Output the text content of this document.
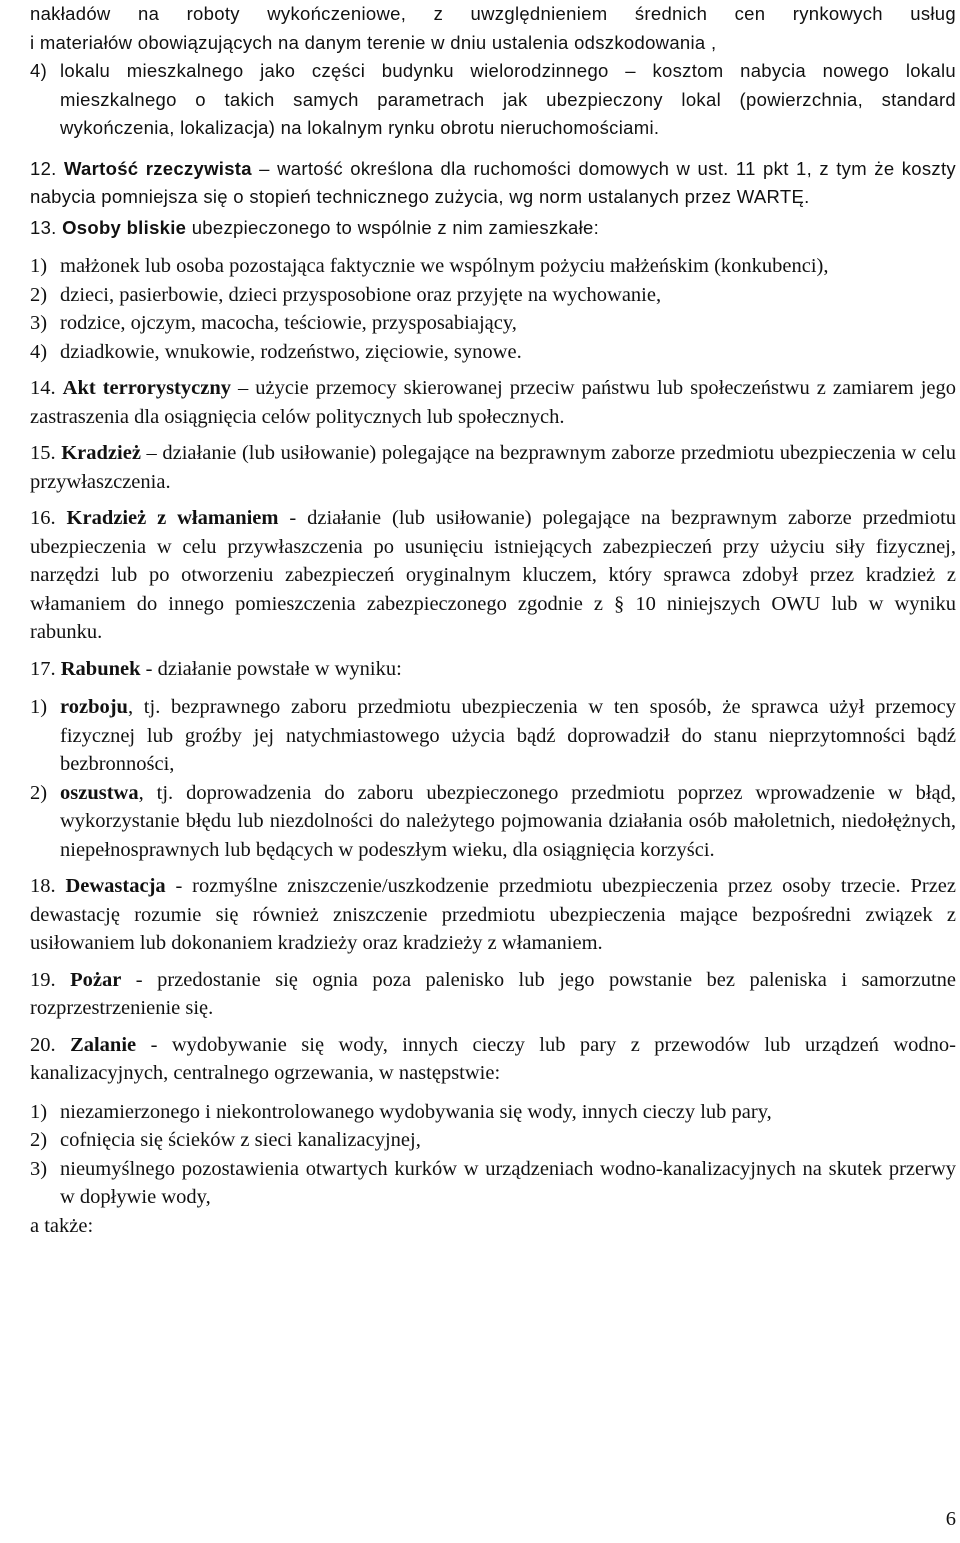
nakładów na roboty wykończeniowe, z uwzględnieniem średnich cen rynkowych usług

i materiałów obowiązujących na danym terenie w dniu ustalenia odszkodowania ,

4) lokalu mieszkalnego jako części budynku wielorodzinnego – kosztom nabycia nowego lokalu mieszkalnego o takich samych parametrach jak ubezpieczony lokal (powierzchnia, standard wykończenia, lokalizacja) na lokalnym rynku obrotu nieruchomościami.

12. Wartość rzeczywista – wartość określona dla ruchomości domowych w ust. 11 pkt 1, z tym że koszty nabycia pomniejsza się o stopień technicznego zużycia, wg norm ustalanych przez WARTĘ.

13. Osoby bliskie ubezpieczonego to wspólnie z nim zamieszkałe:

1) małżonek lub osoba pozostająca faktycznie we wspólnym pożyciu małżeńskim (konkubenci),
2) dzieci, pasierbowie, dzieci przysposobione oraz przyjęte na wychowanie,
3) rodzice, ojczym, macocha, teściowie, przysposabiający,
4) dziadkowie, wnukowie, rodzeństwo, zięciowie, synowe.

14. Akt terrorystyczny – użycie przemocy skierowanej przeciw państwu lub społeczeństwu z zamiarem jego zastraszenia dla osiągnięcia celów politycznych lub społecznych.

15. Kradzież – działanie (lub usiłowanie) polegające na bezprawnym zaborze przedmiotu ubezpieczenia w celu przywłaszczenia.

16. Kradzież z włamaniem - działanie (lub usiłowanie) polegające na bezprawnym zaborze przedmiotu ubezpieczenia w celu przywłaszczenia po usunięciu istniejących zabezpieczeń przy użyciu siły fizycznej, narzędzi lub po otworzeniu zabezpieczeń oryginalnym kluczem, który sprawca zdobył przez kradzież z włamaniem do innego pomieszczenia zabezpieczonego zgodnie z § 10 niniejszych OWU lub w wyniku rabunku.

17. Rabunek - działanie powstałe w wyniku:

1) rozboju, tj. bezprawnego zaboru przedmiotu ubezpieczenia w ten sposób, że sprawca użył przemocy fizycznej lub groźby jej natychmiastowego użycia bądź doprowadził do stanu nieprzytomności bądź bezbronności,
2) oszustwa, tj. doprowadzenia do zaboru ubezpieczonego przedmiotu poprzez wprowadzenie w błąd, wykorzystanie błędu lub niezdolności do należytego pojmowania działania osób małoletnich, niedołężnych, niepełnosprawnych lub będących w podeszłym wieku, dla osiągnięcia korzyści.

18. Dewastacja - rozmyślne zniszczenie/uszkodzenie przedmiotu ubezpieczenia przez osoby trzecie. Przez dewastację rozumie się również zniszczenie przedmiotu ubezpieczenia mające bezpośredni związek z usiłowaniem lub dokonaniem kradzieży oraz kradzieży z włamaniem.

19. Pożar - przedostanie się ognia poza palenisko lub jego powstanie bez paleniska i samorzutne rozprzestrzenienie się.

20. Zalanie - wydobywanie się wody, innych cieczy lub pary z przewodów lub urządzeń wodno-kanalizacyjnych, centralnego ogrzewania, w następstwie:

1) niezamierzonego i niekontrolowanego wydobywania się wody, innych cieczy lub pary,
2) cofnięcia się ścieków z sieci kanalizacyjnej,
3) nieumyślnego pozostawienia otwartych kurków w urządzeniach wodno-kanalizacyjnych na skutek przerwy w dopływie wody,

a także:

6
